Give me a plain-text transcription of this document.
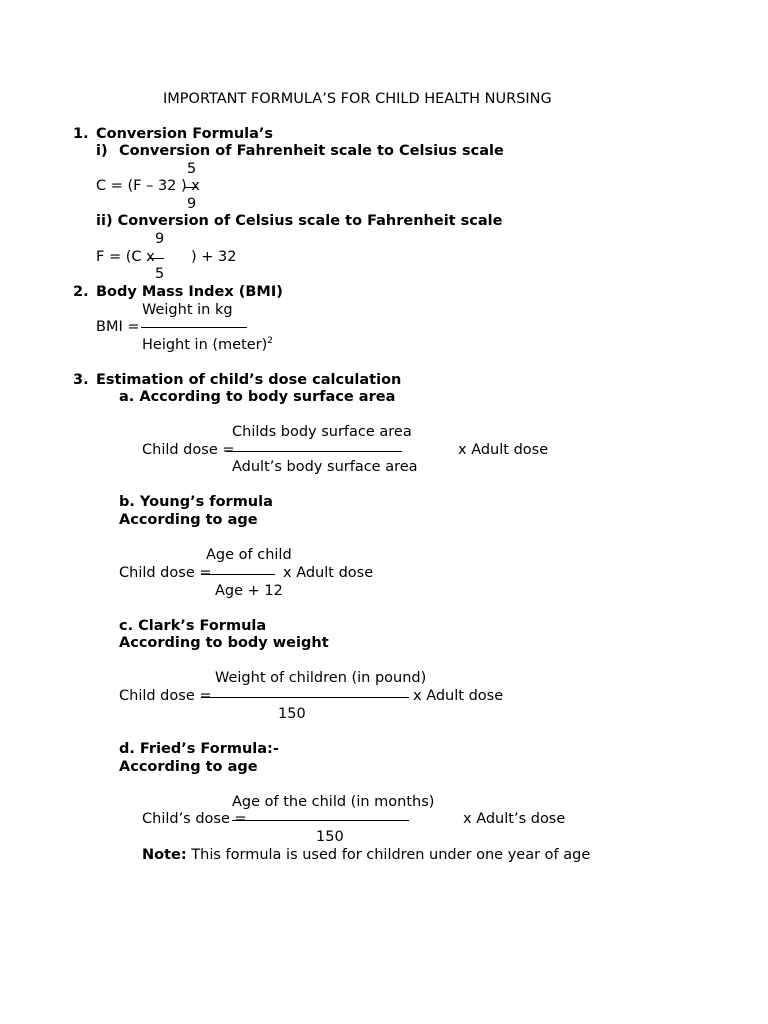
IMPORTANT FORMULA’S FOR CHILD HEALTH NURSING
1. Conversion Formula’s
i) Conversion of Fahrenheit scale to Celsius scale
5
C = (F – 32 ) x
9
ii) Conversion of Celsius scale to Fahrenheit scale
9
F = (C x	) + 32
5
2. Body Mass Index (BMI)
Weight in kg
BMI =
Height in (meter)$^2$
3. Estimation of child’s dose calculation
a. According to body surface area
Childs body surface area
Child dose =	x Adult dose
Adult’s body surface area
b. Young’s formula
According to age
Age of child
Child dose =	x Adult dose
Age + 12
c. Clark’s Formula
According to body weight
Weight of children (in pound)
Child dose =	x Adult dose
150
d. Fried’s Formula:-
According to age
Age of the child (in months)
Child’s dose =	x Adult’s dose
150
Note: This formula is used for children under one year of age
